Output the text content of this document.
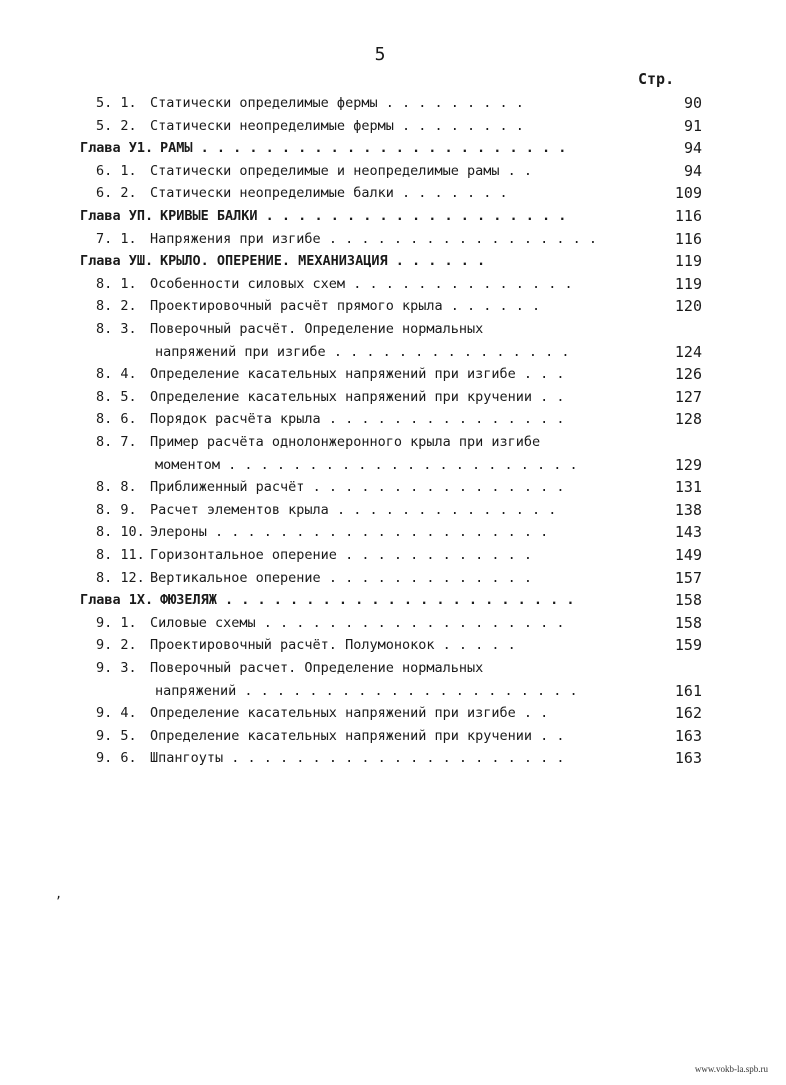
5
Стр.
5. 1. Статически определимые фермы . . . . . . . . .	90
5. 2. Статически неопределимые фермы . . . . . . . .	91
Глава У1. РАМЫ . . . . . . . . . . . . . . . . . . . . . . .	94
6. 1. Статически определимые и неопределимые рамы . .	94
6. 2. Статически неопределимые балки . . . . . . .	109
Глава УП. КРИВЫЕ БАЛКИ . . . . . . . . . . . . . . . . . . .	116
7. 1. Напряжения при изгибе . . . . . . . . . . . . . . . . .	116
Глава УШ. КРЫЛО. ОПЕРЕНИЕ. МЕХАНИЗАЦИЯ . . . . . .	119
8. 1. Особенности силовых схем . . . . . . . . . . . . . .	119
8. 2. Проектировочный расчёт прямого крыла . . . . . .	120
8. 3. Поверочный расчёт. Определение нормальных
напряжений при изгибе . . . . . . . . . . . . . . .	124
8. 4. Определение касательных напряжений при изгибе . . .	126
8. 5. Определение касательных напряжений при кручении . .	127
8. 6. Порядок расчёта крыла . . . . . . . . . . . . . . .	128
8. 7. Пример расчёта однолонжеронного крыла при изгибе
моментом . . . . . . . . . . . . . . . . . . . . . .	129
8. 8. Приближенный расчёт . . . . . . . . . . . . . . . .	131
8. 9. Расчет элементов крыла . . . . . . . . . . . . . .	138
8. 10. Элероны . . . . . . . . . . . . . . . . . . . . .	143
8. 11. Горизонтальное оперение . . . . . . . . . . . .	149
8. 12. Вертикальное оперение . . . . . . . . . . . . .	157
Глава 1Х. ФЮЗЕЛЯЖ . . . . . . . . . . . . . . . . . . . . . .	158
9. 1. Силовые схемы . . . . . . . . . . . . . . . . . . .	158
9. 2. Проектировочный расчёт. Полумонокок . . . . .	159
9. 3. Поверочный расчет. Определение нормальных
напряжений . . . . . . . . . . . . . . . . . . . . .	161
9. 4. Определение касательных напряжений при изгибе . .	162
9. 5. Определение касательных напряжений при кручении . .	163
9. 6. Шпангоуты . . . . . . . . . . . . . . . . . . . . .	163
,
www.vokb-la.spb.ru
